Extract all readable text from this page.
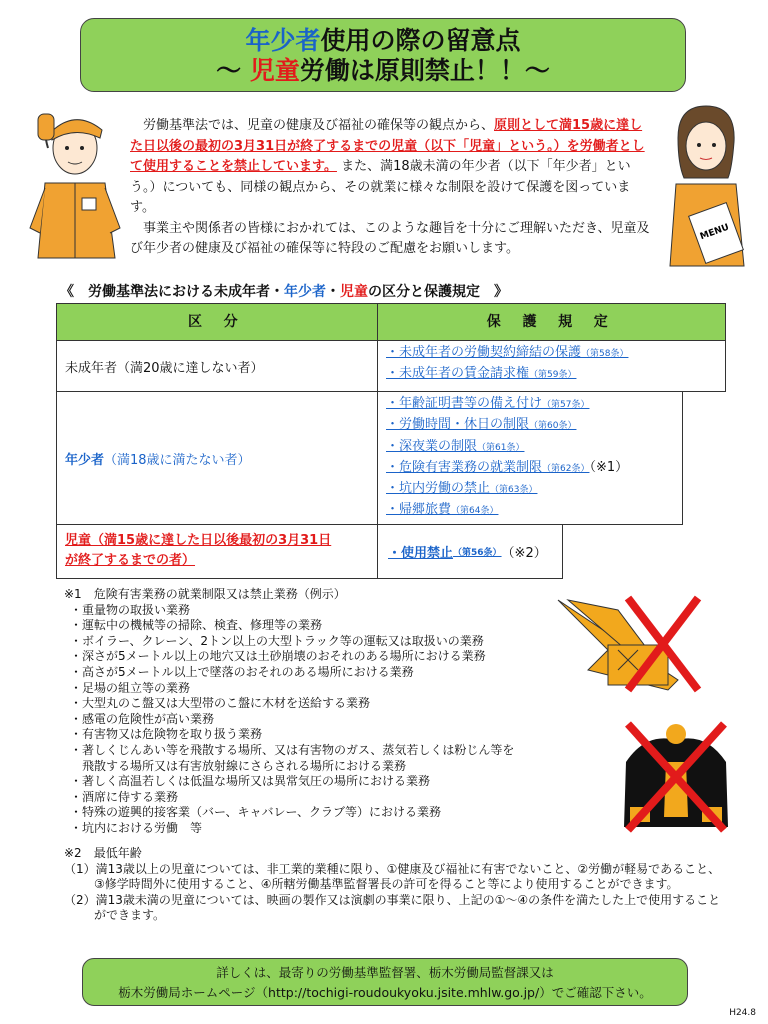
年少者使用の際の留意点
～ 児童労働は原則禁止！！～

労働基準法では、児童の健康及び福祉の確保等の観点から、原則として満15歳に達した日以後の最初の3月31日が終了するまでの児童（以下「児童」という。）を労働者として使用することを禁止しています。 また、満18歳未満の年少者（以下「年少者」という。）についても、同様の観点から、その就業に様々な制限を設けて保護を図っています。

事業主や関係者の皆様におかれては、このような趣旨を十分にご理解いただき、児童及び年少者の健康及び福祉の確保等に特段のご配慮をお願いします。

MENU
《　労働基準法における未成年者・年少者・児童の区分と保護規定　》
区 分	保 護 規 定
未成年者（満20歳に達しない者）
・未成年者の労働契約締結の保護（第58条）
・未成年者の賃金請求権（第59条）
年少者 （満18歳に満たない者）
・年齢証明書等の備え付け（第57条）
・労働時間・休日の制限（第60条）
・深夜業の制限（第61条）
・危険有害業務の就業制限（第62条）（※1）
・坑内労働の禁止（第63条）
・帰郷旅費（第64条）
児童（満15歳に達した日以後最初の3月31日
が終了するまでの者）	・使用禁止 （第56条） （※2）
※1　危険有害業務の就業制限又は禁止業務（例示）
・重量物の取扱い業務
・運転中の機械等の掃除、検査、修理等の業務
・ボイラー、クレーン、2トン以上の大型トラック等の運転又は取扱いの業務
・深さが5メートル以上の地穴又は土砂崩壊のおそれのある場所における業務
・高さが5メートル以上で墜落のおそれのある場所における業務
・足場の組立等の業務
・大型丸のこ盤又は大型帯のこ盤に木材を送給する業務
・感電の危険性が高い業務
・有害物又は危険物を取り扱う業務
・著しくじんあい等を飛散する場所、又は有害物のガス、蒸気若しくは粉じん等を
　飛散する場所又は有害放射線にさらされる場所における業務
・著しく高温若しくは低温な場所又は異常気圧の場所における業務
・酒席に侍する業務
・特殊の遊興的接客業（バー、キャバレー、クラブ等）における業務
・坑内における労働　等
※2　最低年齢
（1）満13歳以上の児童については、非工業的業種に限り、①健康及び福祉に有害でないこと、②労働が軽易であること、③修学時間外に使用すること、④所轄労働基準監督署長の許可を得ること等により使用することができます。
（2）満13歳未満の児童については、映画の製作又は演劇の事業に限り、上記の①～④の条件を満たした上で使用することができます。
詳しくは、最寄りの労働基準監督署、栃木労働局監督課又は
栃木労働局ホームページ（http://tochigi-roudoukyoku.jsite.mhlw.go.jp/）でご確認下さい。
H24.8
